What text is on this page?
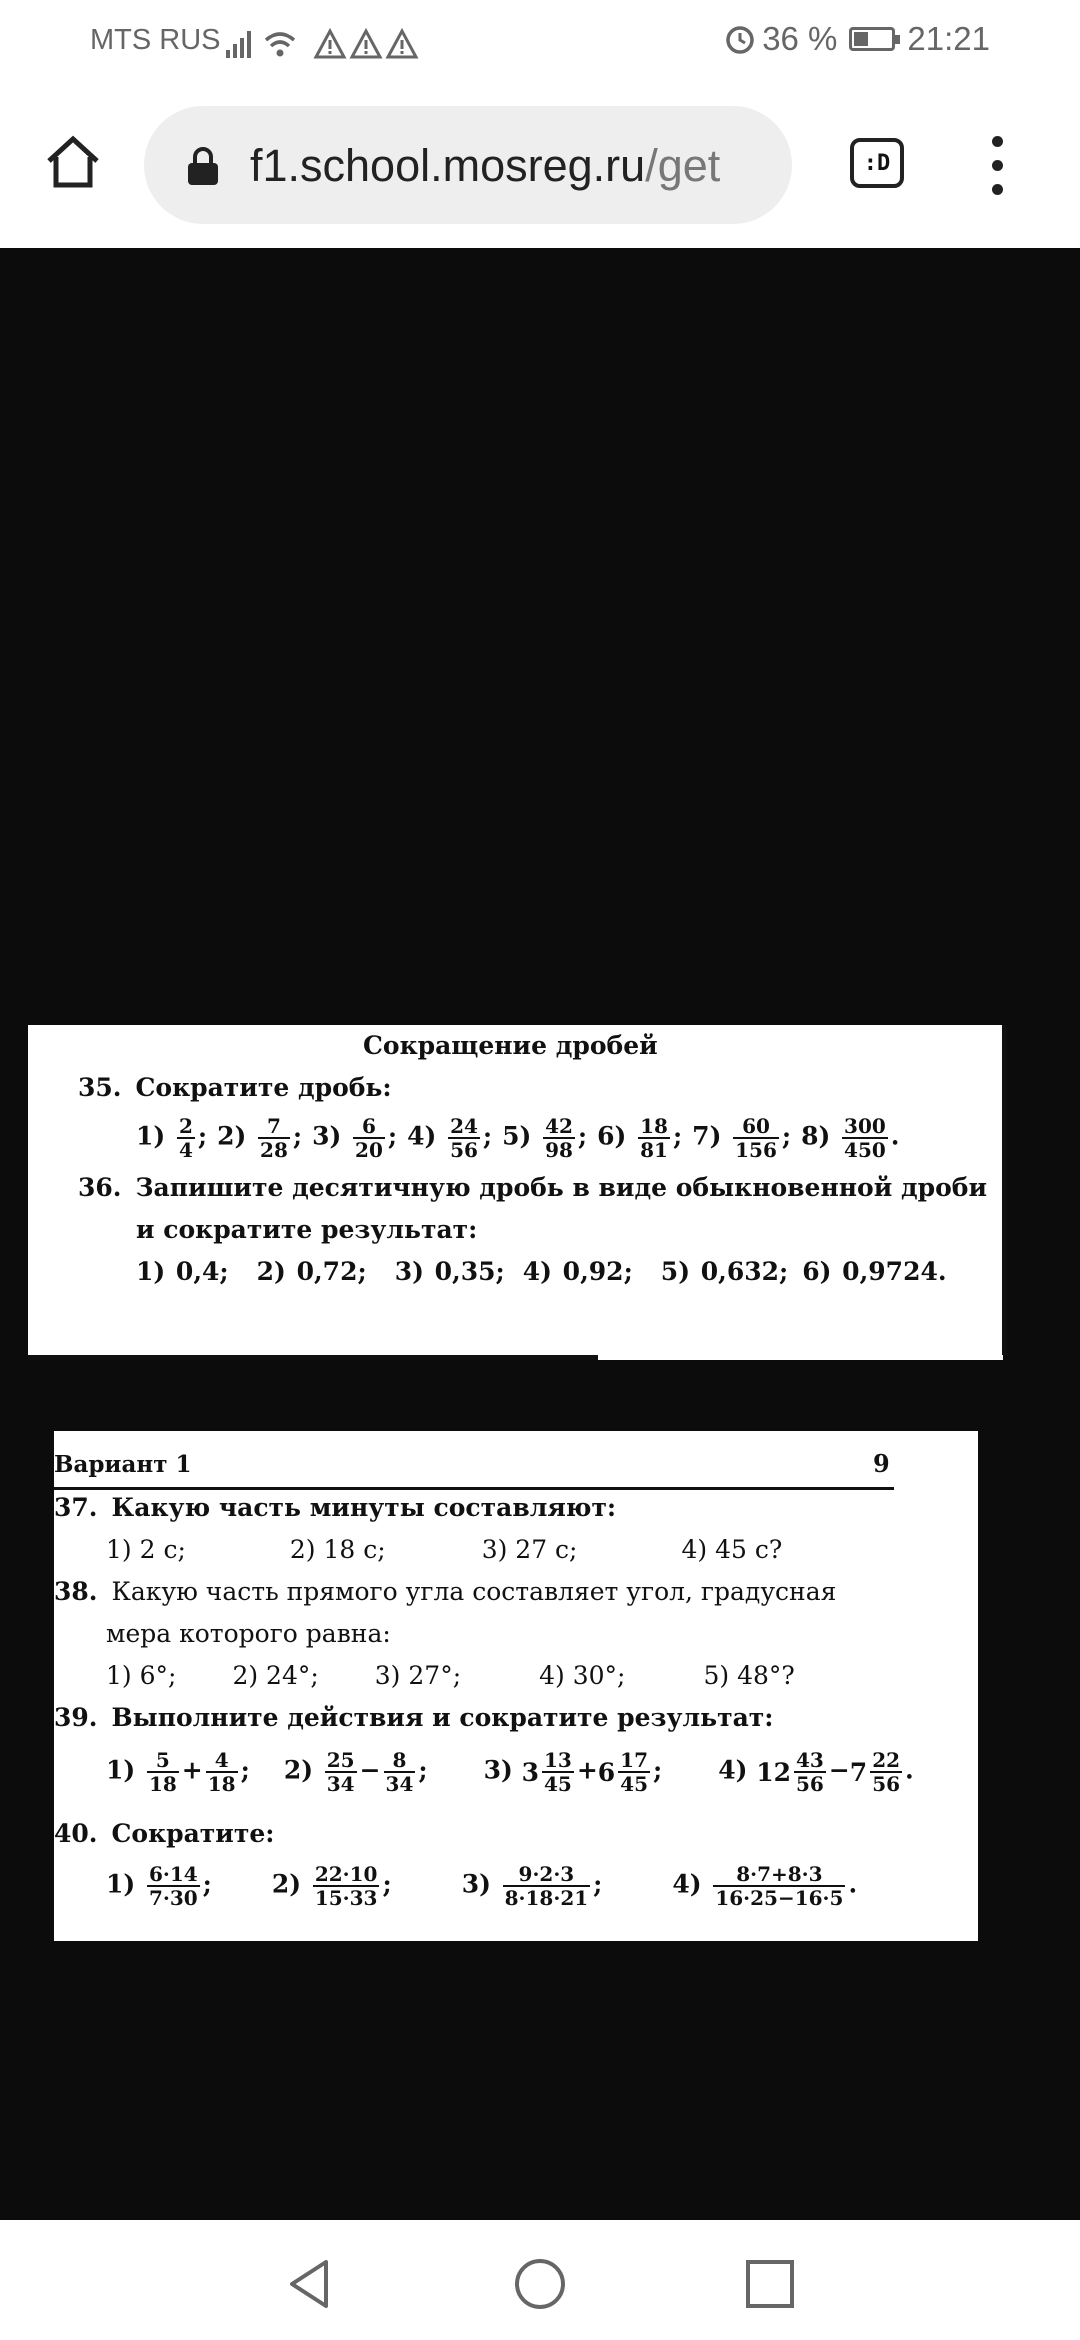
MTS RUS	36 % 21:21
f1.school.mosreg.ru/get	:D
Сокращение дробей
35. Сократите дробь:
$1) \frac{2}{4}$ ; $2) \frac{7}{28}$ ; $3) \frac{6}{20}$ ; $4) \frac{24}{56}$ ; $5) \frac{42}{98}$ ; $6) \frac{18}{81}$ ; $7) \frac{60}{156}$ ; $8) \frac{300}{450}$ .
36. Запишите десятичную дробь в виде обыкновенной дроби
и сократите результат:
1) 0,4; 2) 0,72; 3) 0,35; 4) 0,92; 5) 0,632; 6) 0,9724.
Вариант 1	9
37. Какую часть минуты составляют:
1) 2 с;	2) 18 с;	3) 27 с;	4) 45 с?
38. Какую часть прямого угла составляет угол, градусная
мера которого равна:
1) 6°; 2) 24°; 3) 27°;	4) 30°;	5) 48°?
39. Выполните действия и сократите результат:
$1) \frac{5}{18} + \frac{4}{18}$ ; $2) \frac{25}{34} - \frac{8}{34}$ ; 3) $3 \frac{13}{45} +6 \frac{17}{45}$ ; 4) $12 \frac{43}{56} -7 \frac{22}{56}$ .
40. Сократите:
$1) \frac{6\cdot 14}{7\cdot 30}$ ; $2) \frac{22\cdot 10}{15\cdot 33}$ ;	$3) \frac{9\cdot 2\cdot 3}{8\cdot 18\cdot 21}$ ;	$4) \frac{8\cdot 7+8\cdot 3}{16\cdot 25-16\cdot 5}$ .
